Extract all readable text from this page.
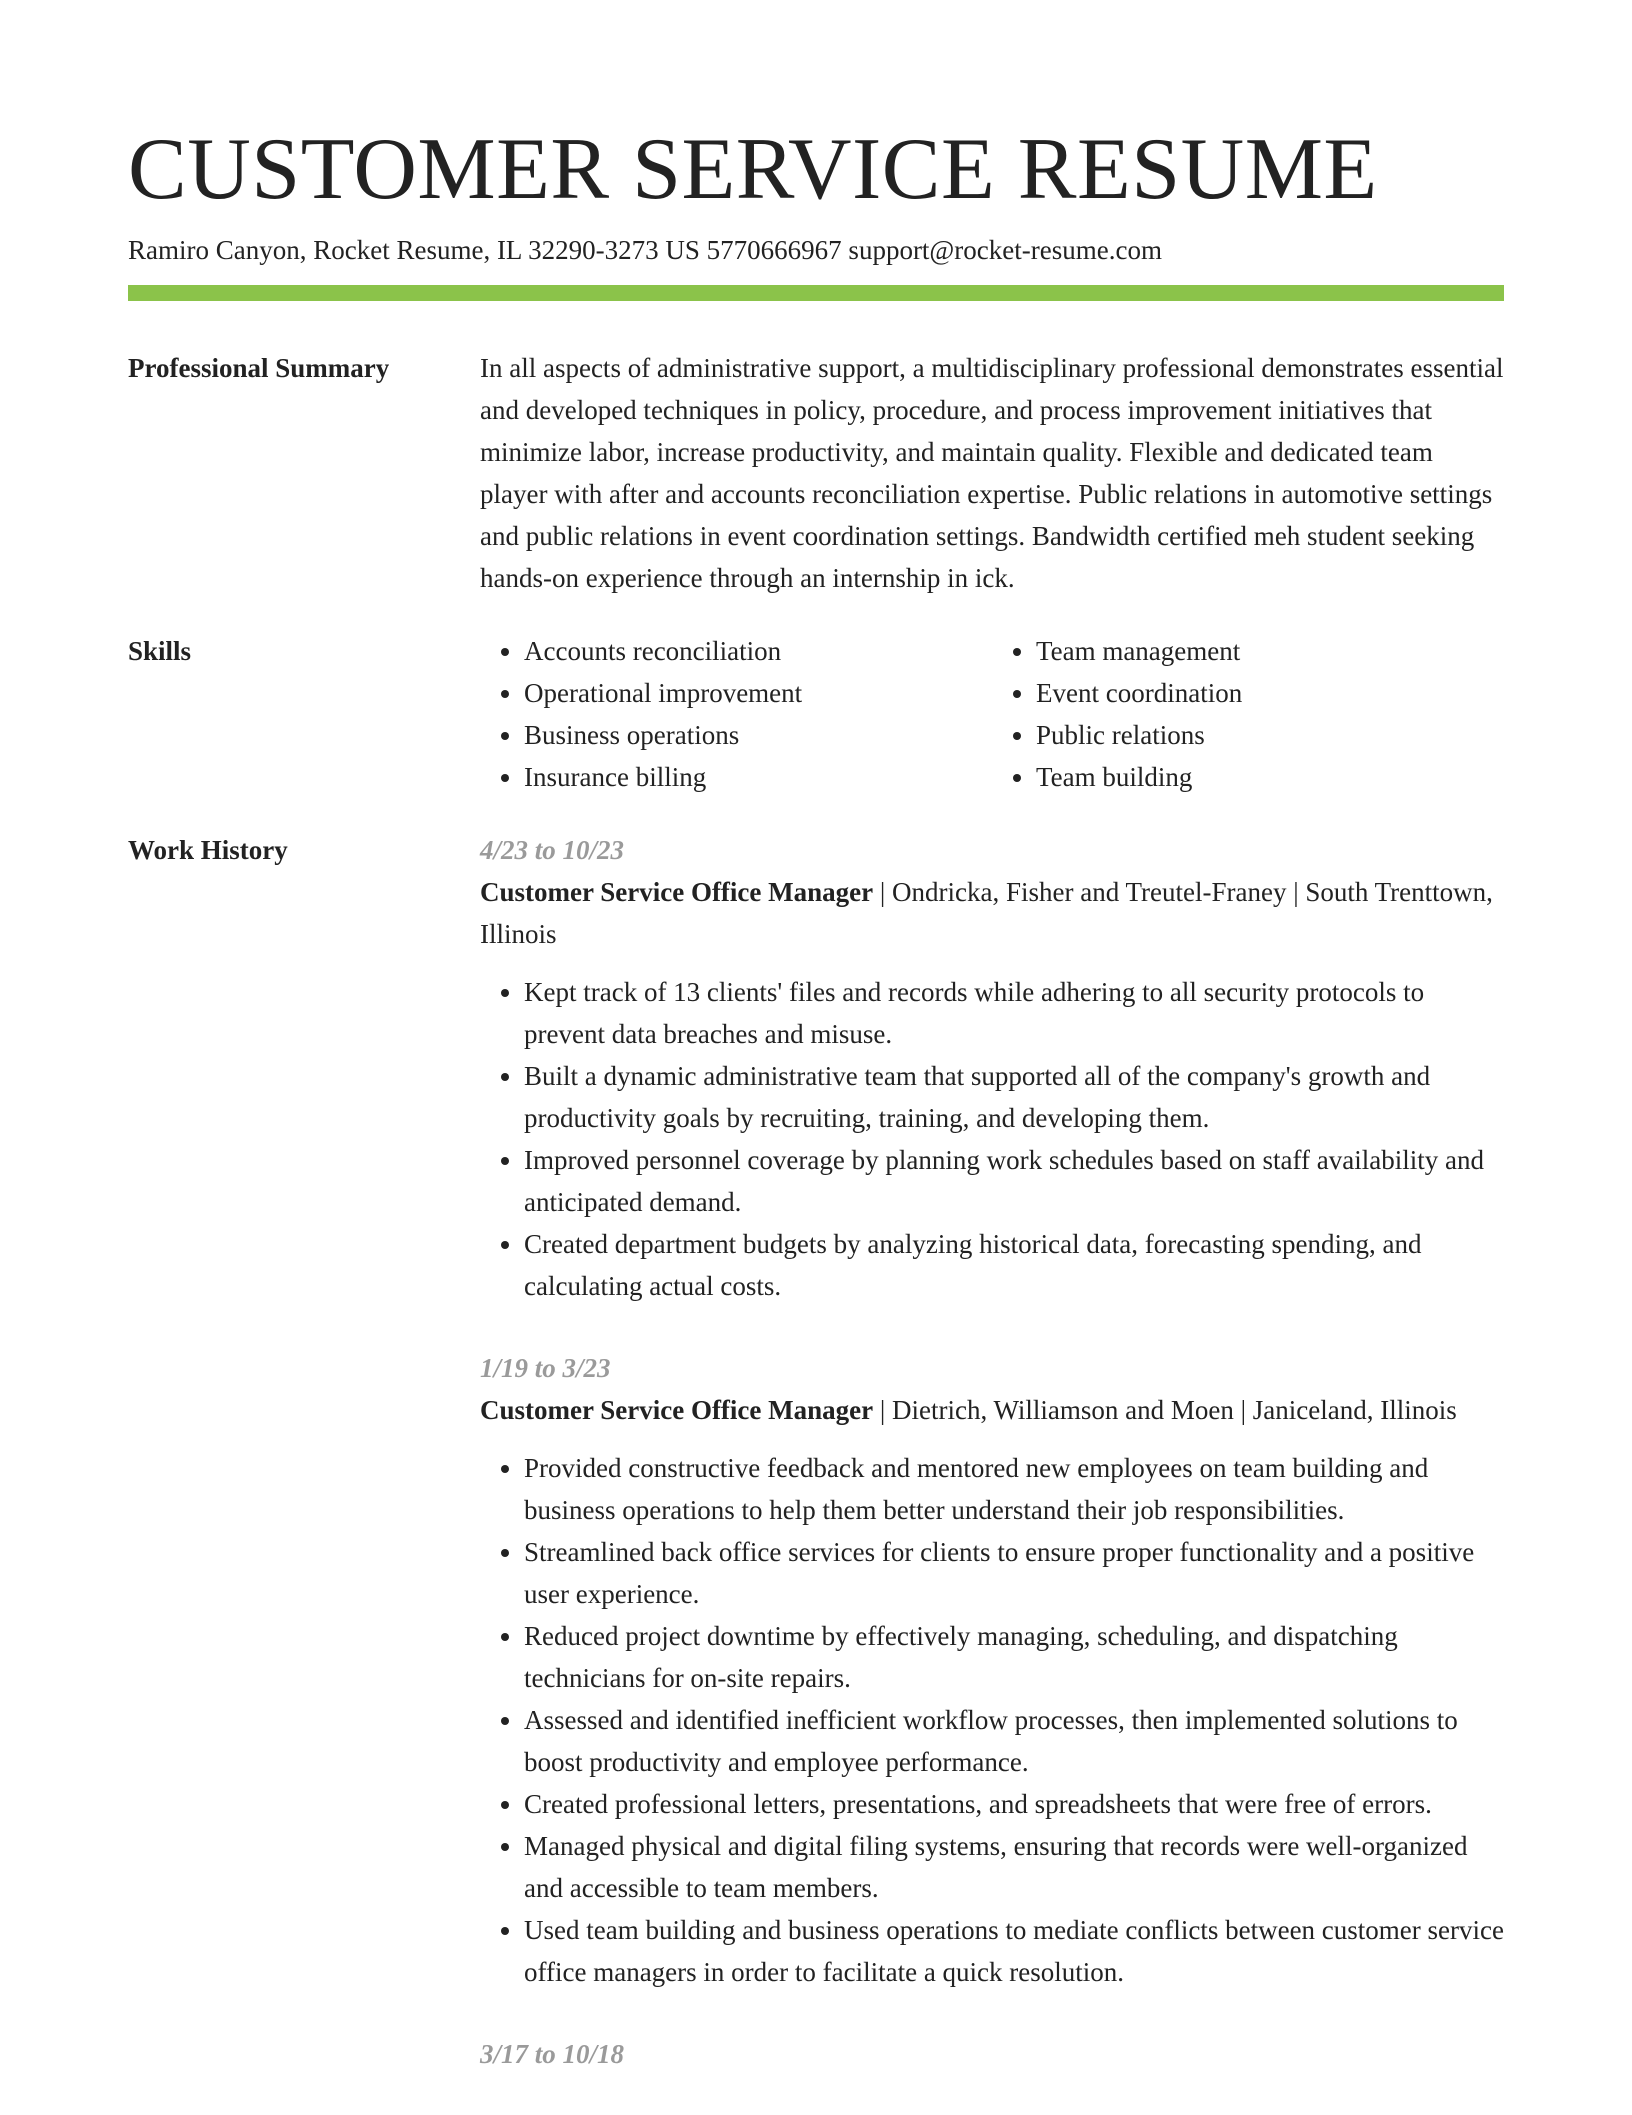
CUSTOMER SERVICE RESUME
Ramiro Canyon, Rocket Resume, IL 32290-3273 US 5770666967 support@rocket-resume.com
Professional Summary	In all aspects of administrative support, a multidisciplinary professional demonstrates essential and developed techniques in policy, procedure, and process improvement initiatives that minimize labor, increase productivity, and maintain quality. Flexible and dedicated team player with after and accounts reconciliation expertise. Public relations in automotive settings and public relations in event coordination settings. Bandwidth certified meh student seeking hands-on experience through an internship in ick.

Skills
•	Accounts reconciliation
• Operational improvement
• Business operations
• Insurance billing
• Team management
• Event coordination
• Public relations
• Team building
Work History	4/23 to 10/23
Customer Service Office Manager | Ondricka, Fisher and Treutel-Franey | South Trenttown, Illinois
• Kept track of 13 clients' files and records while adhering to all security protocols to prevent data breaches and misuse.
• Built a dynamic administrative team that supported all of the company's growth and productivity goals by recruiting, training, and developing them.
• Improved personnel coverage by planning work schedules based on staff availability and anticipated demand.
• Created department budgets by analyzing historical data, forecasting spending, and calculating actual costs.
1/19 to 3/23
Customer Service Office Manager | Dietrich, Williamson and Moen | Janiceland, Illinois
• Provided constructive feedback and mentored new employees on team building and business operations to help them better understand their job responsibilities.
• Streamlined back office services for clients to ensure proper functionality and a positive user experience.
• Reduced project downtime by effectively managing, scheduling, and dispatching technicians for on-site repairs.
• Assessed and identified inefficient workflow processes, then implemented solutions to boost productivity and employee performance.
• Created professional letters, presentations, and spreadsheets that were free of errors.
• Managed physical and digital filing systems, ensuring that records were well-organized and accessible to team members.
• Used team building and business operations to mediate conflicts between customer service office managers in order to facilitate a quick resolution.
3/17 to 10/18
